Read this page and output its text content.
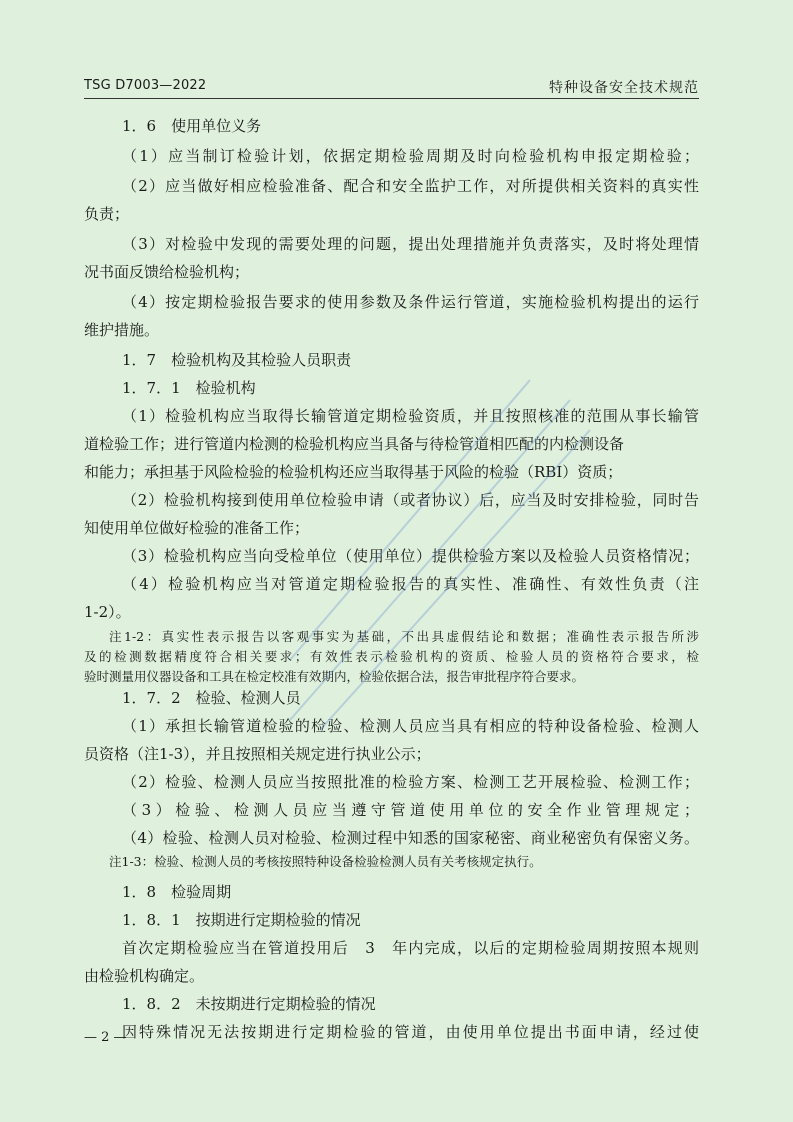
TSG D7003—2022	特种设备安全技术规范
1．6　使用单位义务
（1）应当制订检验计划，依据定期检验周期及时向检验机构申报定期检验；
（2）应当做好相应检验准备、配合和安全监护工作，对所提供相关资料的真实性
负责；
（3）对检验中发现的需要处理的问题，提出处理措施并负责落实，及时将处理情
况书面反馈给检验机构；
（4）按定期检验报告要求的使用参数及条件运行管道，实施检验机构提出的运行
维护措施。
1．7　检验机构及其检验人员职责
1．7．1　检验机构
（1）检验机构应当取得长输管道定期检验资质，并且按照核准的范围从事长输管
道检验工作；进行管道内检测的检验机构应当具备与待检管道相匹配的内检测设备
和能力；承担基于风险检验的检验机构还应当取得基于风险的检验（RBI）资质；
（2）检验机构接到使用单位检验申请（或者协议）后，应当及时安排检验，同时告
知使用单位做好检验的准备工作；
（3）检验机构应当向受检单位（使用单位）提供检验方案以及检验人员资格情况；
（4）检验机构应当对管道定期检验报告的真实性、准确性、有效性负责（注
1-2）。
注1-2：真实性表示报告以客观事实为基础，不出具虚假结论和数据；准确性表示报告所涉
及的检测数据精度符合相关要求；有效性表示检验机构的资质、检验人员的资格符合要求，检
验时测量用仪器设备和工具在检定校准有效期内，检验依据合法，报告审批程序符合要求。
1．7．2　检验、检测人员
（1）承担长输管道检验的检验、检测人员应当具有相应的特种设备检验、检测人
员资格（注1-3），并且按照相关规定进行执业公示；
（2）检验、检测人员应当按照批准的检验方案、检测工艺开展检验、检测工作；
（3）检验、检测人员应当遵守管道使用单位的安全作业管理规定；
（4）检验、检测人员对检验、检测过程中知悉的国家秘密、商业秘密负有保密义务。
注1-3：检验、检测人员的考核按照特种设备检验检测人员有关考核规定执行。
1．8　检验周期
1．8．1　按期进行定期检验的情况
首次定期检验应当在管道投用后　3　年内完成，以后的定期检验周期按照本规则
由检验机构确定。
1．8．2　未按期进行定期检验的情况
因特殊情况无法按期进行定期检验的管道，由使用单位提出书面申请，经过使
— 2 —
